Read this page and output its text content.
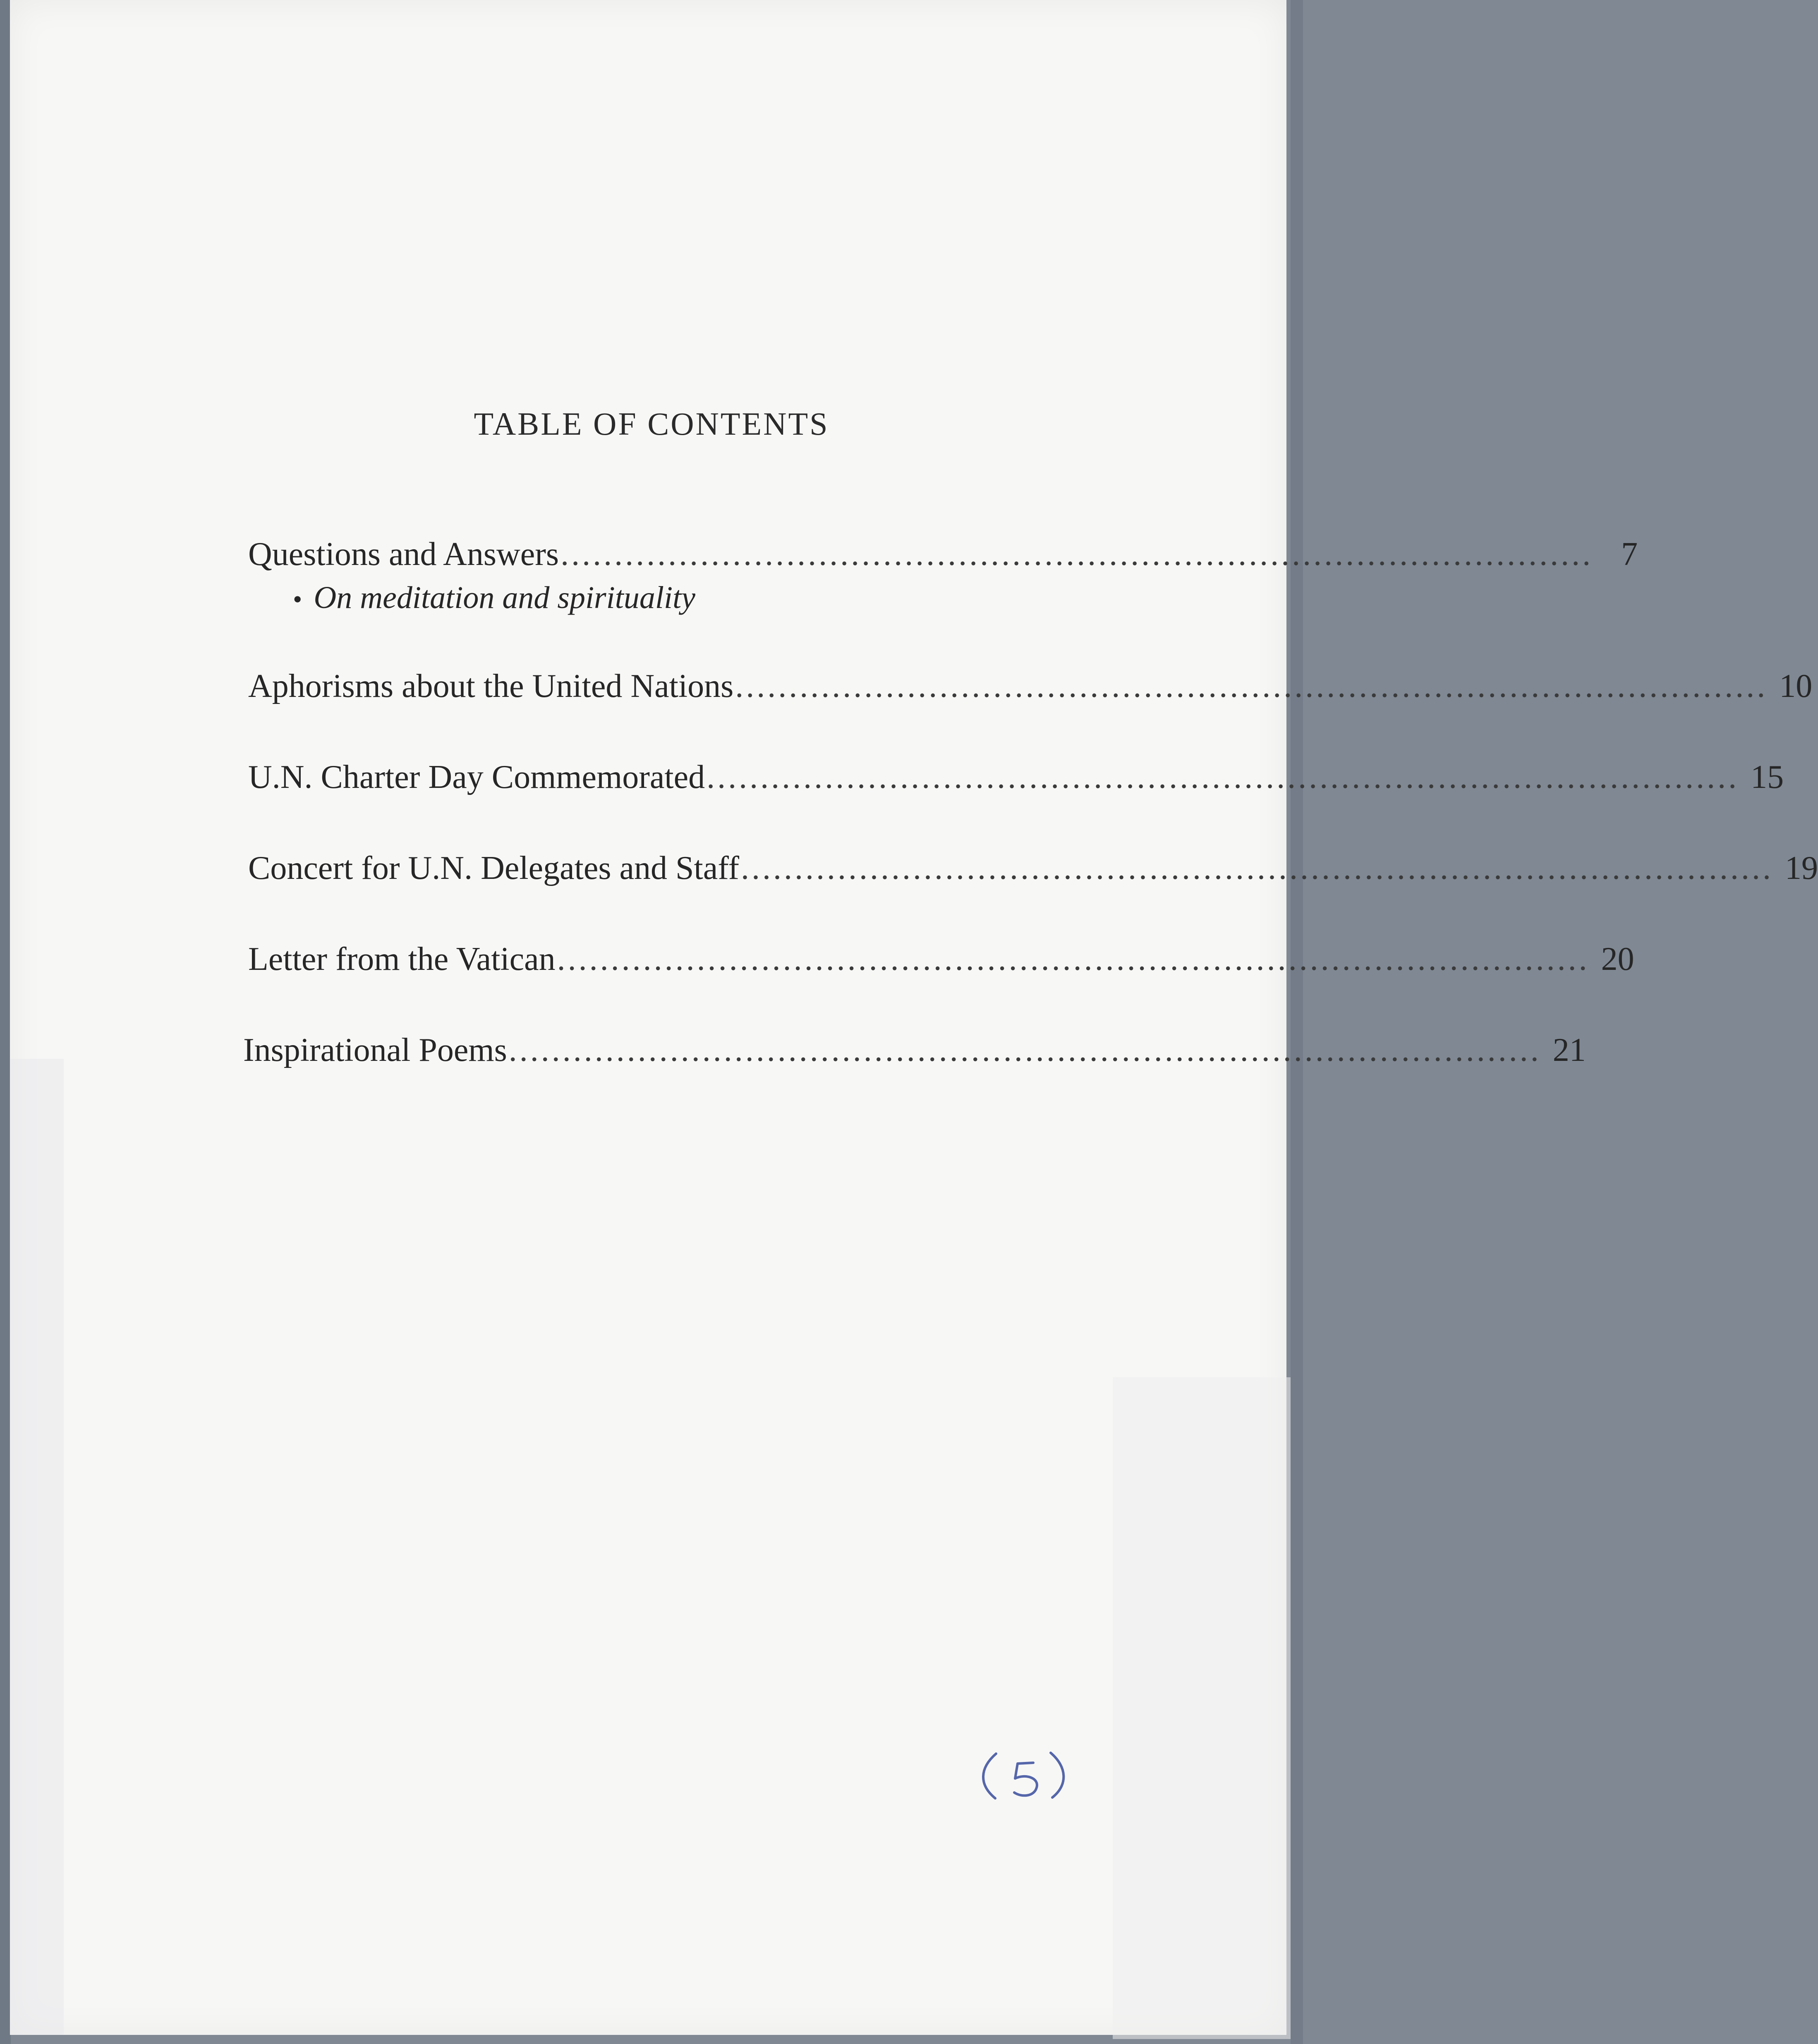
TABLE OF CONTENTS
Questions and Answers ................................................................................................ 7
• On meditation and spirituality
Aphorisms about the United Nations ................................................................................................ 10
U.N. Charter Day Commemorated ................................................................................................ 15
Concert for U.N. Delegates and Staff ................................................................................................ 19
Letter from the Vatican ................................................................................................ 20
Inspirational Poems ................................................................................................ 21
